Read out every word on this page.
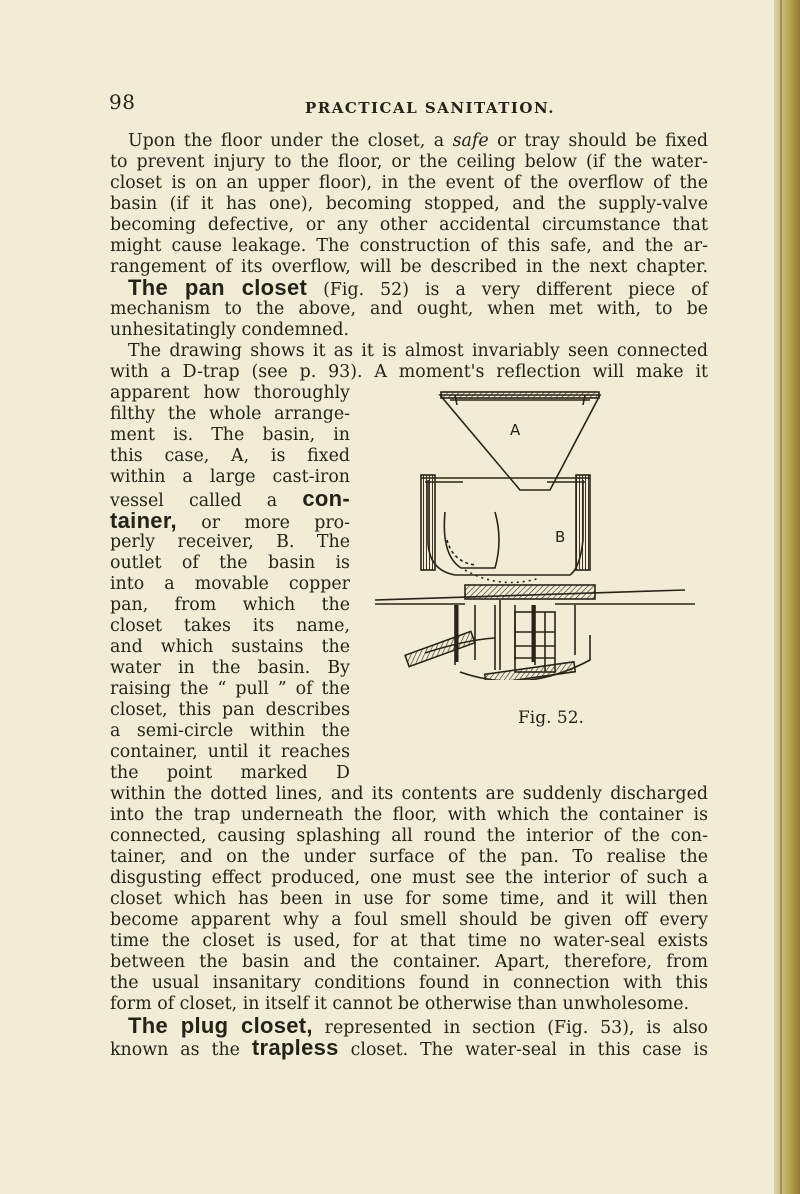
98	PRACTICAL SANITATION.
Upon the floor under the closet, a safe or tray should be fixed
to prevent injury to the floor, or the ceiling below (if the water-
closet is on an upper floor), in the event of the overflow of the
basin (if it has one), becoming stopped, and the supply-valve
becoming defective, or any other accidental circumstance that
might cause leakage. The construction of this safe, and the ar-
rangement of its overflow, will be described in the next chapter.
The pan closet (Fig. 52) is a very different piece of
mechanism to the above, and ought, when met with, to be
unhesitatingly condemned.
The drawing shows it as it is almost invariably seen connected
with a D-trap (see p. 93). A moment's reflection will make it
apparent how thoroughly
filthy the whole arrange-
ment is. The basin, in
this case, A, is fixed
within a large cast-iron
vessel called a con-
tainer, or more pro-
perly receiver, B. The
outlet of the basin is
into a movable copper
pan, from which the
closet takes its name,
and which sustains the
water in the basin. By
raising the “ pull ” of the
closet, this pan describes
a semi-circle within the
container, until it reaches
the point marked D
within the dotted lines, and its contents are suddenly discharged
into the trap underneath the floor, with which the container is
connected, causing splashing all round the interior of the con-
tainer, and on the under surface of the pan. To realise the
disgusting effect produced, one must see the interior of such a
closet which has been in use for some time, and it will then
become apparent why a foul smell should be given off every
time the closet is used, for at that time no water-seal exists
between the basin and the container. Apart, therefore, from
the usual insanitary conditions found in connection with this
form of closet, in itself it cannot be otherwise than unwholesome.
The plug closet, represented in section (Fig. 53), is also
known as the trapless closet. The water-seal in this case is
A
B
Fig. 52.
